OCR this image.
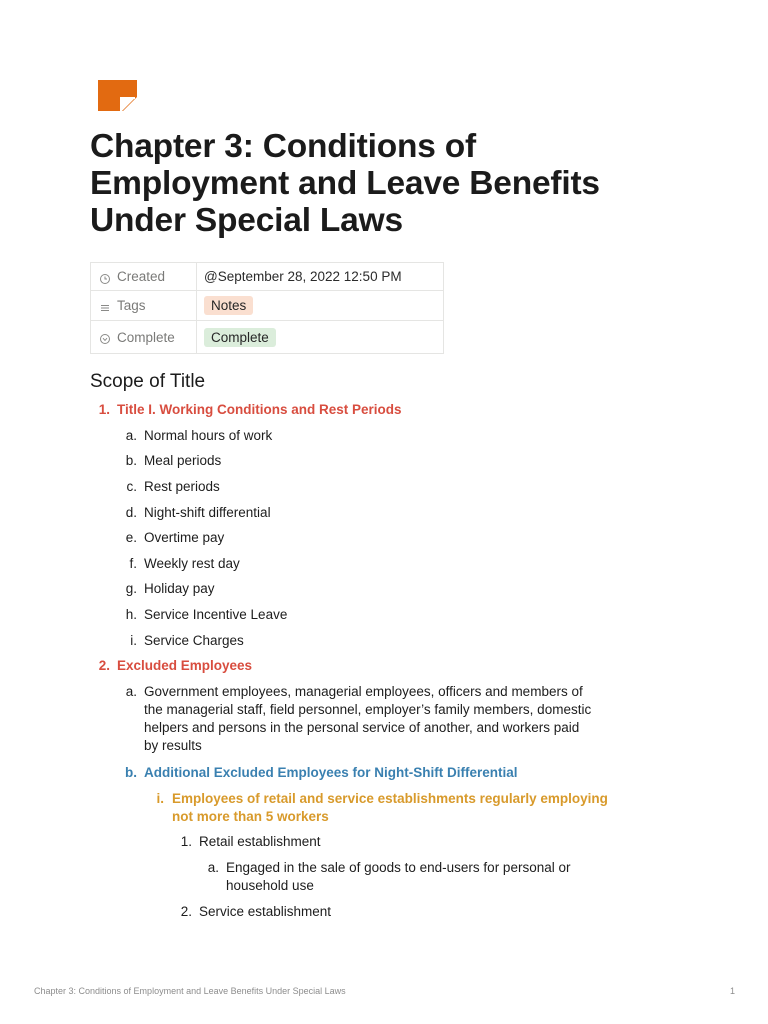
Chapter 3: Conditions of
Employment and Leave Benefits
Under Special Laws
Created	@September 28, 2022 12:50 PM

Tags	Notes

Complete	Complete
Scope of Title
1. Title I. Working Conditions and Rest Periods
a. Normal hours of work
b. Meal periods
c. Rest periods
d. Night-shift differential
e. Overtime pay
f. Weekly rest day
g. Holiday pay
h. Service Incentive Leave
i. Service Charges
2. Excluded Employees
a. Government employees, managerial employees, officers and members of
the managerial staff, field personnel, employer’s family members, domestic
helpers and persons in the personal service of another, and workers paid
by results
b. Additional Excluded Employees for Night-Shift Differential
i. Employees of retail and service establishments regularly employing
not more than 5 workers
1. Retail establishment
a. Engaged in the sale of goods to end-users for personal or
household use
2. Service establishment
Chapter 3: Conditions of Employment and Leave Benefits Under Special Laws	1
